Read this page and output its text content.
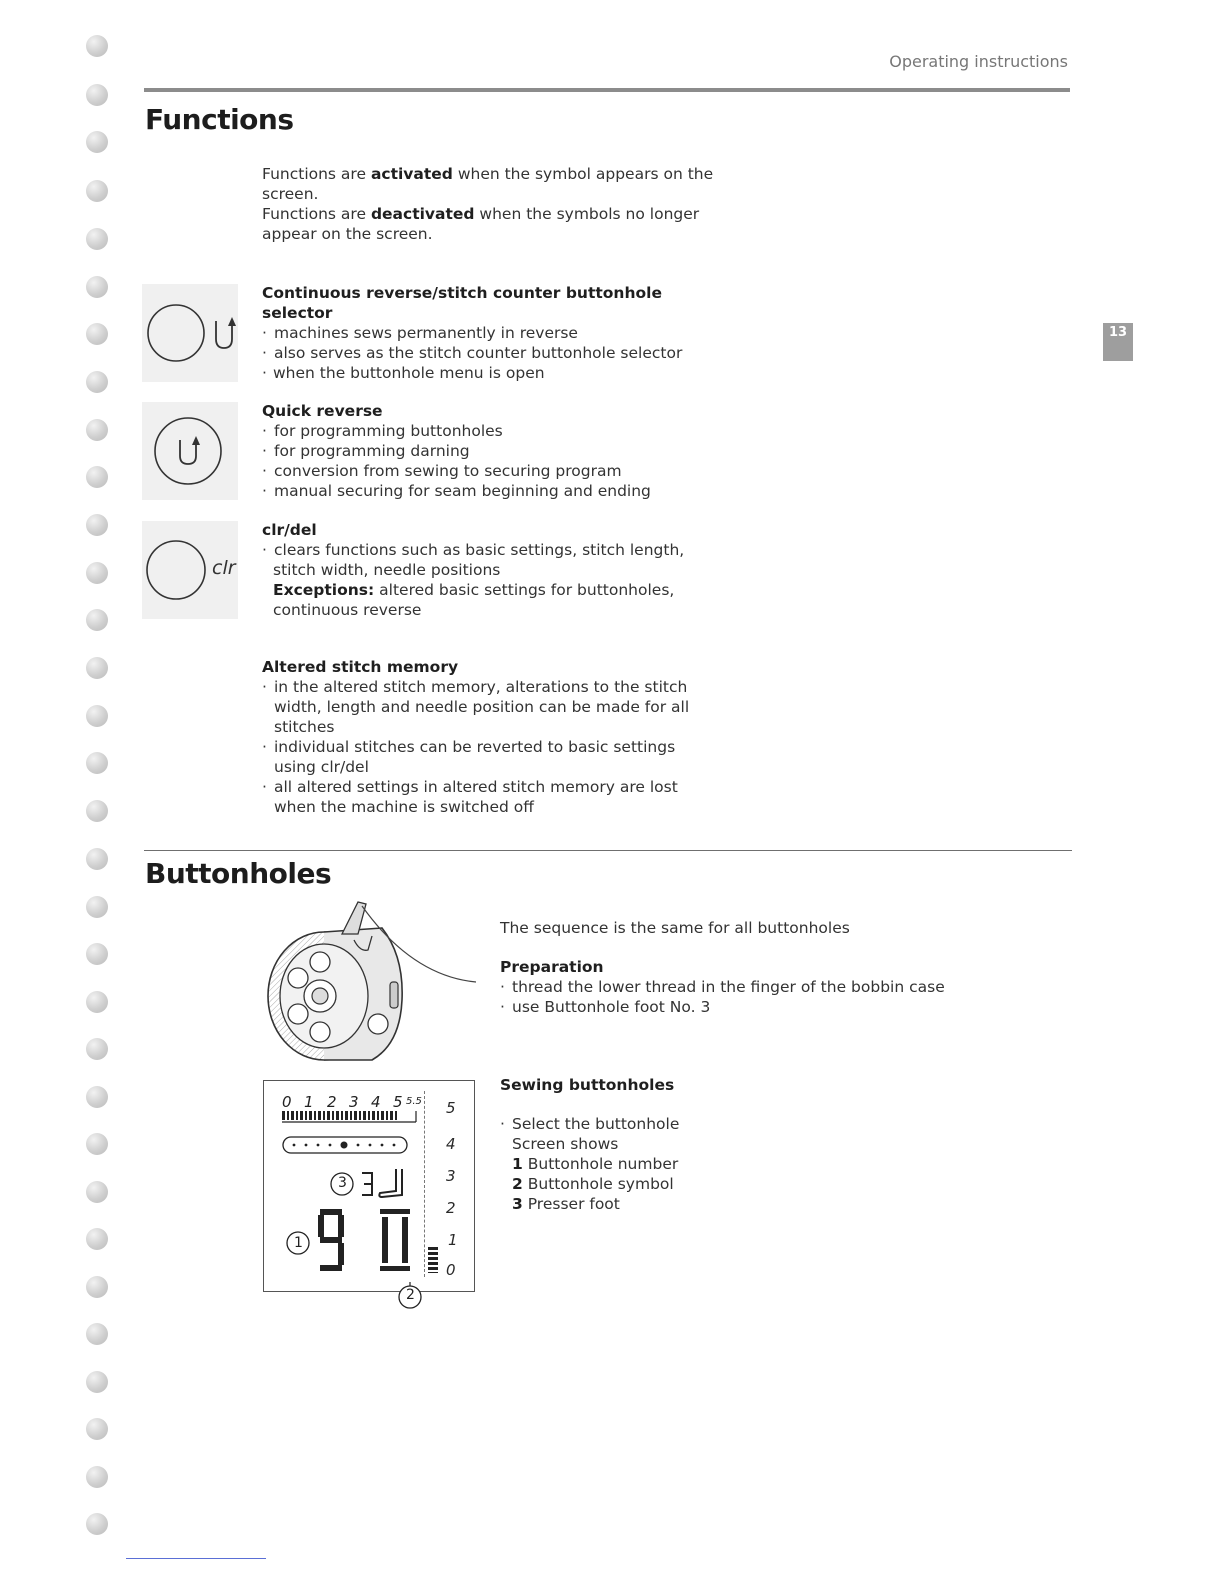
Operating instructions
13
Functions
Functions are activated when the symbol appears on the
screen.
Functions are deactivated when the symbols no longer
appear on the screen.
Continuous reverse/stitch counter buttonhole selector
· machines sews permanently in reverse
· also serves as the stitch counter buttonhole selector
· when the buttonhole menu is open
Quick reverse
· for programming buttonholes
· for programming darning
· conversion from sewing to securing program
· manual securing for seam beginning and ending
clr
clr/del
· clears functions such as basic settings, stitch length,
stitch width, needle positions
Exceptions: altered basic settings for buttonholes,
continuous reverse
Altered stitch memory
· in the altered stitch memory, alterations to the stitch
width, length and needle position can be made for all
stitches
· individual stitches can be reverted to basic settings
using clr/del
· all altered settings in altered stitch memory are lost
when the machine is switched off
Buttonholes
0 1 2 3 4 5 5.5
3
1
5
4
3
2
1
0
2
The sequence is the same for all buttonholes
Preparation
· thread the lower thread in the finger of the bobbin case
· use Buttonhole foot No. 3
Sewing buttonholes
· Select the buttonhole
Screen shows
1 Buttonhole number
2 Buttonhole symbol
3 Presser foot
